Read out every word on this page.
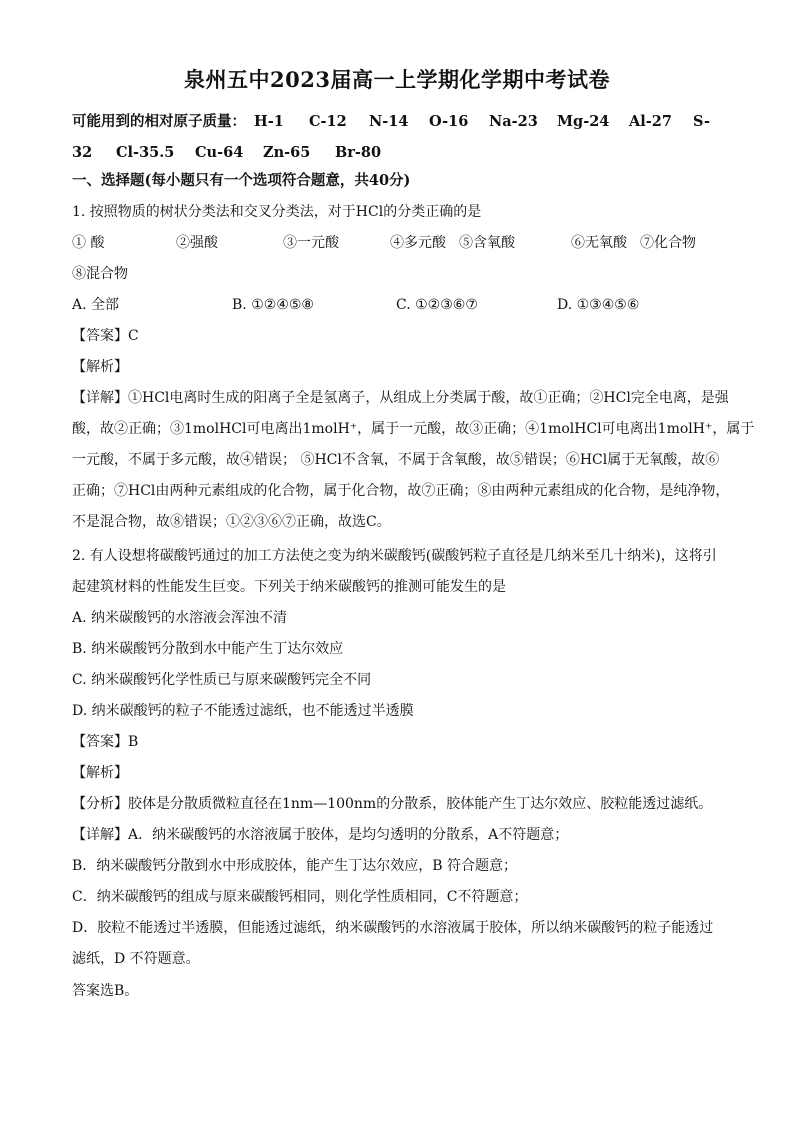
泉州五中2023届高一上学期化学期中考试卷
可能用到的相对原子质量： H-1	C-12	N-14	O-16	Na-23	Mg-24	Al-27	S-
32	Cl-35.5	Cu-64	Zn-65	Br-80
一、选择题(每小题只有一个选项符合题意，共40分)
1. 按照物质的树状分类法和交叉分类法，对于HCl的分类正确的是
① 酸	②强酸	③一元酸	④多元酸 ⑤含氧酸	⑥无氧酸 ⑦化合物
⑧混合物
A. 全部	B. ①②④⑤⑧	C. ①②③⑥⑦	D. ①③④⑤⑥
【答案】C
【解析】
【详解】①HCl电离时生成的阳离子全是氢离子，从组成上分类属于酸，故①正确；②HCl完全电离，是强
酸，故②正确；③1molHCl可电离出1molH⁺，属于一元酸，故③正确；④1molHCl可电离出1molH⁺，属于
一元酸，不属于多元酸，故④错误； ⑤HCl不含氧，不属于含氧酸，故⑤错误；⑥HCl属于无氧酸，故⑥
正确；⑦HCl由两种元素组成的化合物，属于化合物，故⑦正确；⑧由两种元素组成的化合物，是纯净物，
不是混合物，故⑧错误；①②③⑥⑦正确，故选C。
2. 有人设想将碳酸钙通过的加工方法使之变为纳米碳酸钙(碳酸钙粒子直径是几纳米至几十纳米)，这将引
起建筑材料的性能发生巨变。下列关于纳米碳酸钙的推测可能发生的是
A. 纳米碳酸钙的水溶液会浑浊不清
B. 纳米碳酸钙分散到水中能产生丁达尔效应
C. 纳米碳酸钙化学性质已与原来碳酸钙完全不同
D. 纳米碳酸钙的粒子不能透过滤纸，也不能透过半透膜
【答案】B
【解析】
【分析】胶体是分散质微粒直径在1nm—100nm的分散系，胶体能产生丁达尔效应、胶粒能透过滤纸。
【详解】A．纳米碳酸钙的水溶液属于胶体，是均匀透明的分散系，A不符题意；
B．纳米碳酸钙分散到水中形成胶体，能产生丁达尔效应，B 符合题意；
C．纳米碳酸钙的组成与原来碳酸钙相同，则化学性质相同，C不符题意；
D．胶粒不能透过半透膜，但能透过滤纸，纳米碳酸钙的水溶液属于胶体，所以纳米碳酸钙的粒子能透过
滤纸，D 不符题意。
答案选B。
